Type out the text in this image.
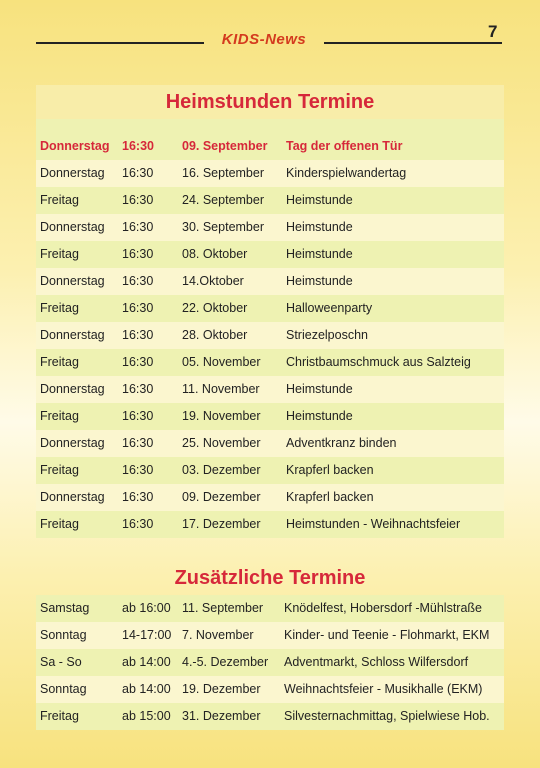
KIDS-News	7
Heimstunden Termine
Donnerstag	16:30	09. September	Tag der offenen Tür
Donnerstag	16:30	16. September	Kinderspielwandertag
Freitag	16:30	24. September	Heimstunde
Donnerstag	16:30	30. September	Heimstunde
Freitag	16:30	08. Oktober	Heimstunde
Donnerstag	16:30	14.Oktober	Heimstunde
Freitag	16:30	22. Oktober	Halloweenparty
Donnerstag	16:30	28. Oktober	Striezelposchn
Freitag	16:30	05. November	Christbaumschmuck aus Salzteig
Donnerstag	16:30	11. November	Heimstunde
Freitag	16:30	19. November	Heimstunde
Donnerstag	16:30	25. November	Adventkranz binden
Freitag	16:30	03. Dezember	Krapferl backen
Donnerstag	16:30	09. Dezember	Krapferl backen
Freitag	16:30	17. Dezember	Heimstunden - Weihnachtsfeier
Zusätzliche Termine
Samstag	ab 16:00 11. September	Knödelfest, Hobersdorf -Mühlstraße
Sonntag	14-17:00 7. November	Kinder- und Teenie - Flohmarkt, EKM
Sa - So	ab 14:00 4.-5. Dezember	Adventmarkt, Schloss Wilfersdorf
Sonntag	ab 14:00 19. Dezember	Weihnachtsfeier - Musikhalle (EKM)
Freitag	ab 15:00 31. Dezember	Silvesternachmittag, Spielwiese Hob.
